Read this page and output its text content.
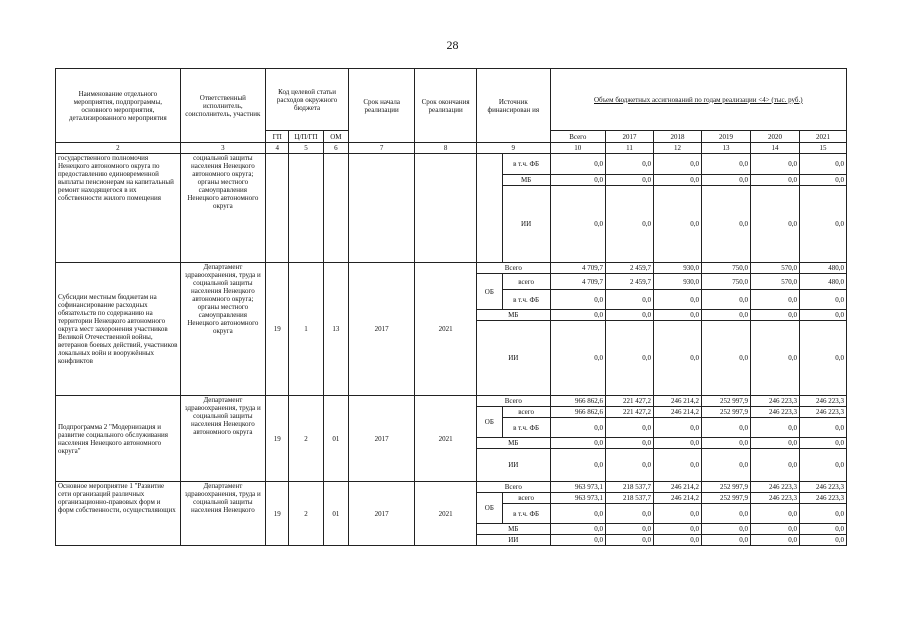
28
Наименование отдельного мероприятия, подпрограммы, основного мероприятия, детализированного мероприятия	Ответственный исполнитель, соисполнитель, участник	Код целевой статьи расходов окружного бюджета			Срок начала реализации	Срок окончания реализации	Источник финансирован ия		Объем бюджетных ассигнований по годам реализации <4> (тыс. руб.)					
		ГП	Ц/П/ГП	ОМ					Всего	2017	2018	2019	2020	2021
2	3	4	5	6	7	8	9		10	11	12	13	14	15
государственного полномочия Ненецкого автономного округа по предоставлению единовременной выплаты пенсионерам на капитальный ремонт находящегося в их собственности жилого помещения	социальной защиты населения Ненецкого автономного округа; органы местного самоуправления Ненецкого автономного округа							в т.ч. ФБ	0,0	0,0	0,0	0,0	0,0	0,0
								МБ	0,0	0,0	0,0	0,0	0,0	0,0
								ИИ	0,0	0,0	0,0	0,0	0,0	0,0
Субсидии местным бюджетам на софинансирование расходных обязательств по содержанию на территории Ненецкого автономного округа мест захоронения участников Великой Отечественной войны, ветеранов боевых действий, участников локальных войн и вооружённых конфликтов	Департамент здравоохранения, труда и социальной защиты населения Ненецкого автономного округа; органы местного самоуправления Ненецкого автономного округа	19	1	13	2017	2021	Всего		4 709,7	2 459,7	930,0	750,0	570,0	480,0
							ОБ	всего	4 709,7	2 459,7	930,0	750,0	570,0	480,0
								в т.ч. ФБ	0,0	0,0	0,0	0,0	0,0	0,0
							МБ		0,0	0,0	0,0	0,0	0,0	0,0
							ИИ		0,0	0,0	0,0	0,0	0,0	0,0
Подпрограмма 2 "Модернизация и развитие социального обслуживания населения Ненецкого автономного округа"	Департамент здравоохранения, труда и социальной защиты населения Ненецкого автономного округа	19	2	01	2017	2021	Всего		966 862,6	221 427,2	246 214,2	252 997,9	246 223,3	246 223,3
							ОБ	всего	966 862,6	221 427,2	246 214,2	252 997,9	246 223,3	246 223,3
								в т.ч. ФБ	0,0	0,0	0,0	0,0	0,0	0,0
							МБ		0,0	0,0	0,0	0,0	0,0	0,0
							ИИ		0,0	0,0	0,0	0,0	0,0	0,0
Основное мероприятие 1 "Развитие сети организаций различных организационно-правовых форм и форм собственности, осуществляющих	Департамент здравоохранения, труда и социальной защиты населения Ненецкого	19	2	01	2017	2021	Всего		963 973,1	218 537,7	246 214,2	252 997,9	246 223,3	246 223,3
							ОБ	всего	963 973,1	218 537,7	246 214,2	252 997,9	246 223,3	246 223,3
								в т.ч. ФБ	0,0	0,0	0,0	0,0	0,0	0,0
							МБ		0,0	0,0	0,0	0,0	0,0	0,0
							ИИ		0,0	0,0	0,0	0,0	0,0	0,0
